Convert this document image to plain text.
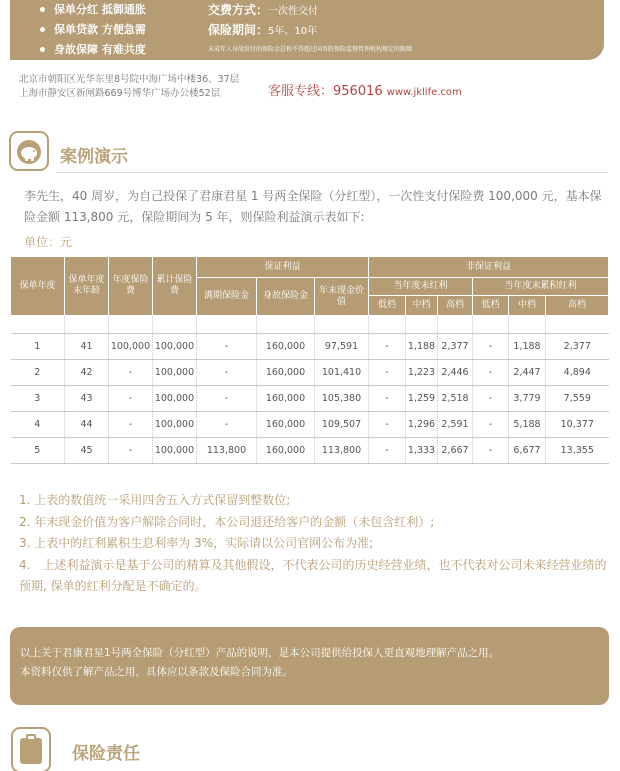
保单分红 抵御通胀
保单贷款 方便急需
身故保障 有难共度
交费方式：一次性交付
保险期间：5年、10年
未成年人身故给付的保险金总和不得超过国务院保险监督管理机构规定的限额
北京市朝阳区光华东里8号院中海广场中楼36、37层
上海市静安区新闸路669号博华广场办公楼52层	客服专线：956016 www.jklife.com
案例演示
李先生，40 周岁，为自己投保了君康君星 1 号两全保险（分红型），一次性支付保险费 100,000 元，基本保险金额 113,800 元，保险期间为 5 年，则保险利益演示表如下:
单位：元
保单年度	保单年度末年龄	年度保险费	累计保险费	保证利益			非保证利益					
				满期保险金	身故保险金	年末现金价值	当年度末红利			当年度末累积红利		
							低档	中档	高档	低档	中档	高档

1	41	100,000	100,000	-	160,000	97,591	-	1,188	2,377	-	1,188	2,377
2	42	-	100,000	-	160,000	101,410	-	1,223	2,446	-	2,447	4,894
3	43	-	100,000	-	160,000	105,380	-	1,259	2,518	-	3,779	7,559
4	44	-	100,000	-	160,000	109,507	-	1,296	2,591	-	5,188	10,377
5	45	-	100,000	113,800	160,000	113,800	-	1,333	2,667	-	6,677	13,355
1. 上表的数值统一采用四舍五入方式保留到整数位;
2. 年末现金价值为客户解除合同时，本公司退还给客户的金额（未包含红利）;
3. 上表中的红利累积生息利率为 3%，实际请以公司官网公布为准;
4.　上述利益演示是基于公司的精算及其他假设，不代表公司的历史经营业绩，也不代表对公司未来经营业绩的预期, 保单的红利分配是不确定的。
以上关于君康君星1号两全保险（分红型）产品的说明，是本公司提供给投保人更直观地理解产品之用。
本资料仅供了解产品之用，具体应以条款及保险合同为准。
保险责任
